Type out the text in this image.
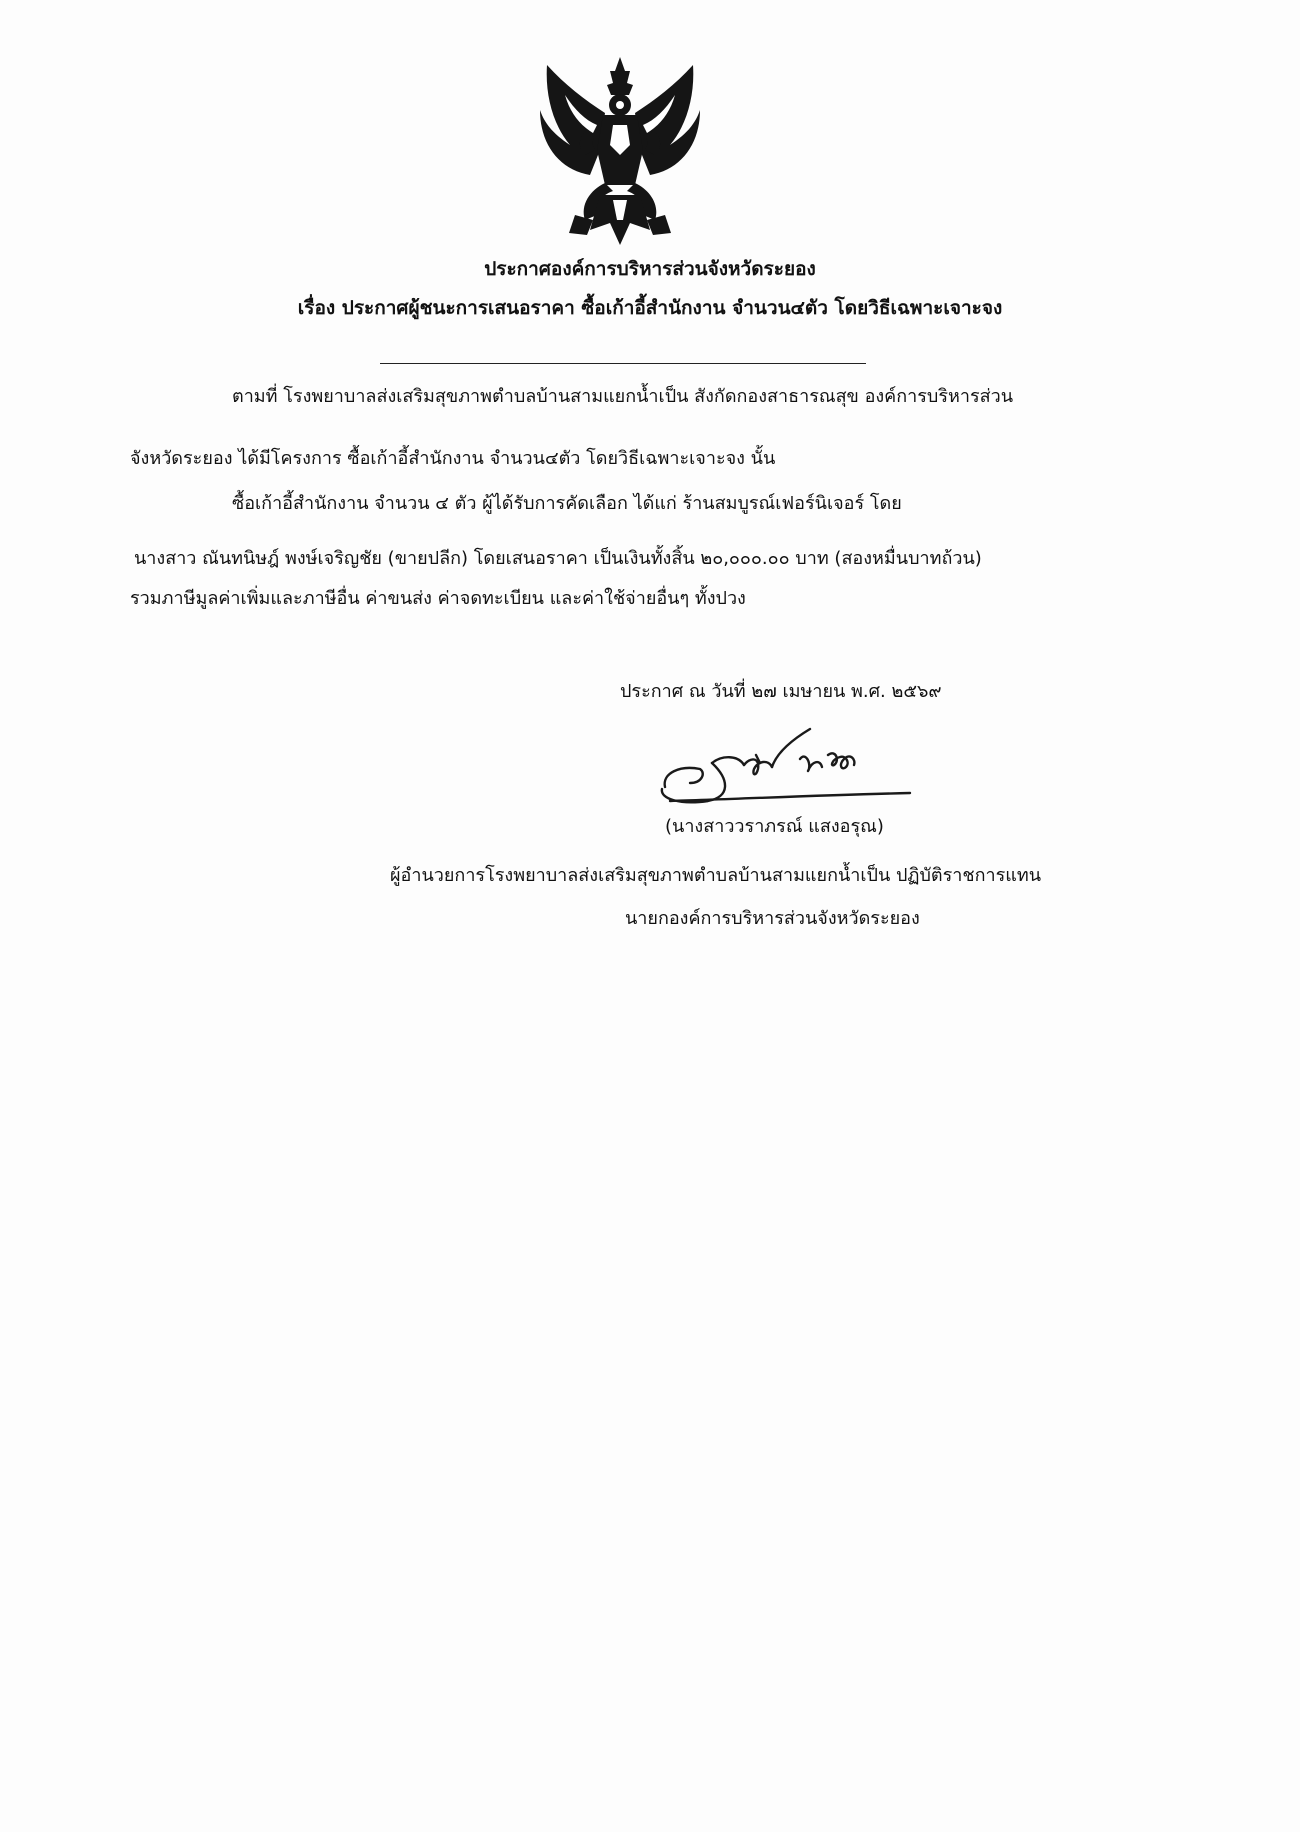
ประกาศองค์การบริหารส่วนจังหวัดระยอง
เรื่อง ประกาศผู้ชนะการเสนอราคา ซื้อเก้าอี้สำนักงาน จำนวน๔ตัว โดยวิธีเฉพาะเจาะจง
ตามที่ โรงพยาบาลส่งเสริมสุขภาพตำบลบ้านสามแยกน้ำเป็น สังกัดกองสาธารณสุข องค์การบริหารส่วน
จังหวัดระยอง ได้มีโครงการ ซื้อเก้าอี้สำนักงาน จำนวน๔ตัว โดยวิธีเฉพาะเจาะจง นั้น
ซื้อเก้าอี้สำนักงาน จำนวน ๔ ตัว ผู้ได้รับการคัดเลือก ได้แก่ ร้านสมบูรณ์เฟอร์นิเจอร์ โดย
นางสาว ณันทนิษฎ์ พงษ์เจริญชัย (ขายปลีก) โดยเสนอราคา เป็นเงินทั้งสิ้น ๒๐,๐๐๐.๐๐ บาท (สองหมื่นบาทถ้วน)
รวมภาษีมูลค่าเพิ่มและภาษีอื่น ค่าขนส่ง ค่าจดทะเบียน และค่าใช้จ่ายอื่นๆ ทั้งปวง
ประกาศ ณ วันที่ ๒๗ เมษายน พ.ศ. ๒๕๖๙
(นางสาววราภรณ์ แสงอรุณ)
ผู้อำนวยการโรงพยาบาลส่งเสริมสุขภาพตำบลบ้านสามแยกน้ำเป็น ปฏิบัติราชการแทน
นายกองค์การบริหารส่วนจังหวัดระยอง
